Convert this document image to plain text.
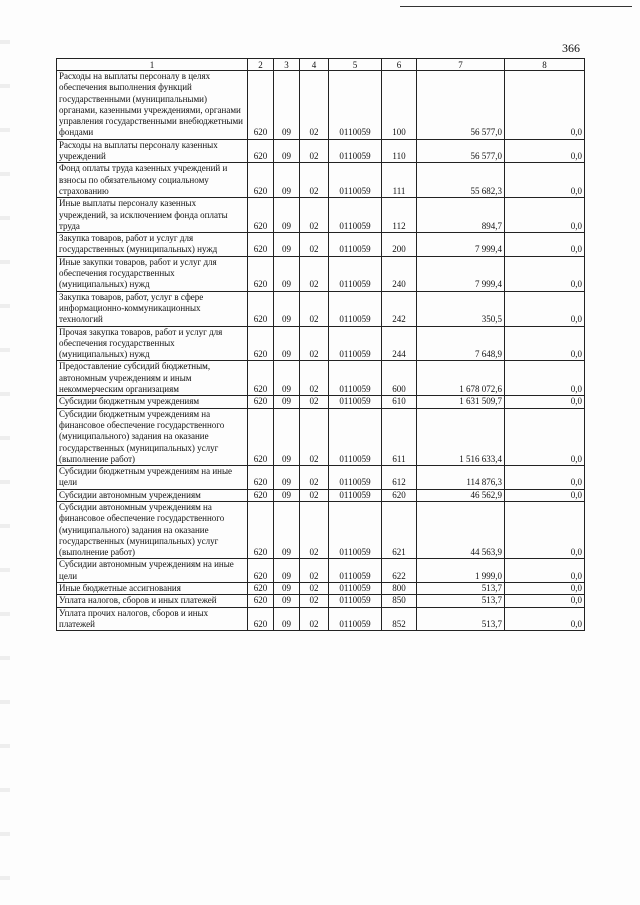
366
1	2	3	4	5	6	7	8
Расходы на выплаты персоналу в целях обеспечения выполнения функций государственными (муниципальными) органами, казенными учреждениями, органами управления государственными внебюджетными фондами	620	09	02	0110059	100	56 577,0	0,0
Расходы на выплаты персоналу казенных учреждений	620	09	02	0110059	110	56 577,0	0,0
Фонд оплаты труда казенных учреждений и взносы по обязательному социальному страхованию	620	09	02	0110059	111	55 682,3	0,0
Иные выплаты персоналу казенных учреждений, за исключением фонда оплаты труда	620	09	02	0110059	112	894,7	0,0
Закупка товаров, работ и услуг для государственных (муниципальных) нужд	620	09	02	0110059	200	7 999,4	0,0
Иные закупки товаров, работ и услуг для обеспечения государственных (муниципальных) нужд	620	09	02	0110059	240	7 999,4	0,0
Закупка товаров, работ, услуг в сфере информационно-коммуникационных технологий	620	09	02	0110059	242	350,5	0,0
Прочая закупка товаров, работ и услуг для обеспечения государственных (муниципальных) нужд	620	09	02	0110059	244	7 648,9	0,0
Предоставление субсидий бюджетным, автономным учреждениям и иным некоммерческим организациям	620	09	02	0110059	600	1 678 072,6	0,0
Субсидии бюджетным учреждениям	620	09	02	0110059	610	1 631 509,7	0,0
Субсидии бюджетным учреждениям на финансовое обеспечение государственного (муниципального) задания на оказание государственных (муниципальных) услуг (выполнение работ)	620	09	02	0110059	611	1 516 633,4	0,0
Субсидии бюджетным учреждениям на иные цели	620	09	02	0110059	612	114 876,3	0,0
Субсидии автономным учреждениям	620	09	02	0110059	620	46 562,9	0,0
Субсидии автономным учреждениям на финансовое обеспечение государственного (муниципального) задания на оказание государственных (муниципальных) услуг (выполнение работ)	620	09	02	0110059	621	44 563,9	0,0
Субсидии автономным учреждениям на иные цели	620	09	02	0110059	622	1 999,0	0,0
Иные бюджетные ассигнования	620	09	02	0110059	800	513,7	0,0
Уплата налогов, сборов и иных платежей	620	09	02	0110059	850	513,7	0,0
Уплата прочих налогов, сборов и иных платежей	620	09	02	0110059	852	513,7	0,0
